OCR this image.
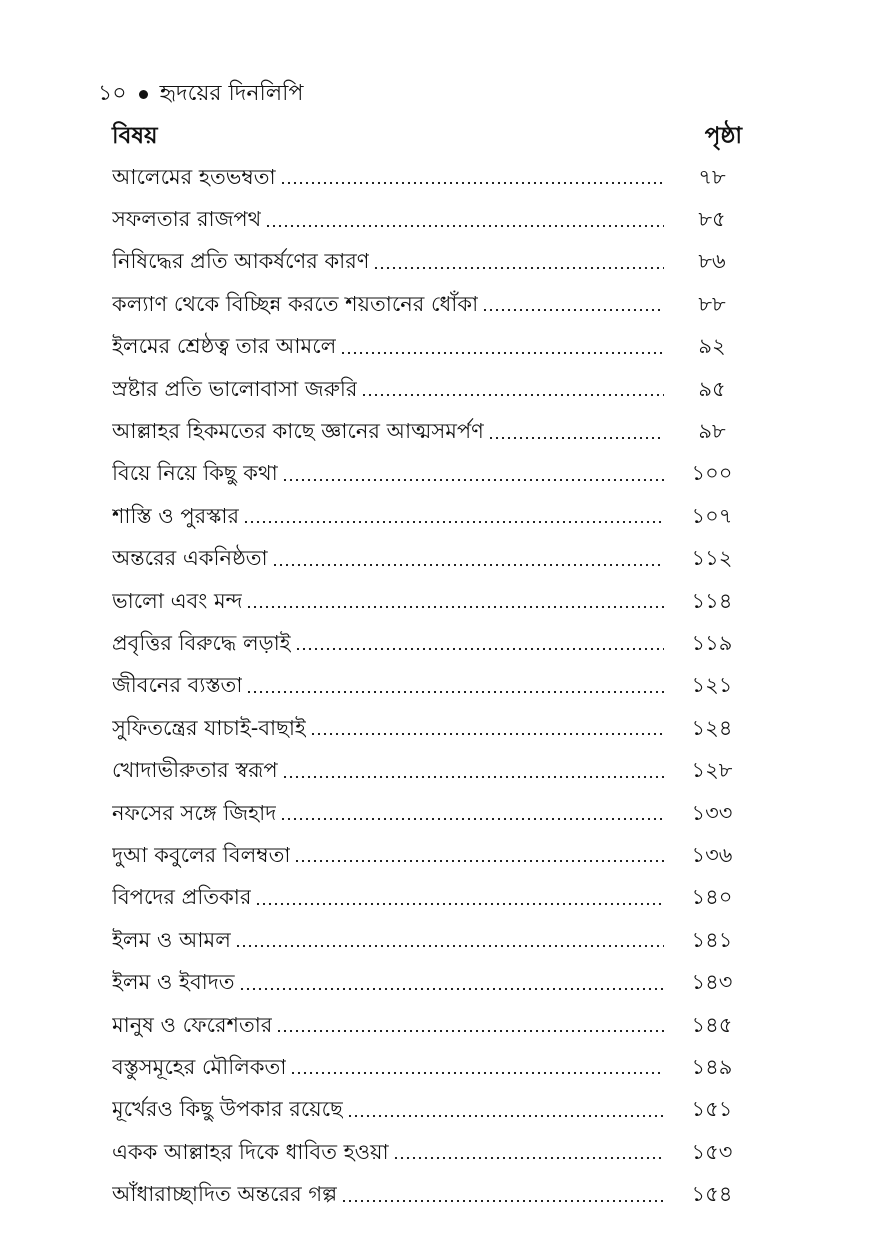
১০ হৃদয়ের দিনলিপি
বিষয়	পৃষ্ঠা
আলেমের হতভম্বতা	৭৮
সফলতার রাজপথ	৮৫
নিষিদ্ধের প্রতি আকর্ষণের কারণ	৮৬
কল্যাণ থেকে বিচ্ছিন্ন করতে শয়তানের ধোঁকা	৮৮
ইলমের শ্রেষ্ঠত্ব তার আমলে	৯২
স্রষ্টার প্রতি ভালোবাসা জরুরি	৯৫
আল্লাহর হিকমতের কাছে জ্ঞানের আত্মসমর্পণ	৯৮
বিয়ে নিয়ে কিছু কথা	১০০
শাস্তি ও পুরস্কার	১০৭
অন্তরের একনিষ্ঠতা	১১২
ভালো এবং মন্দ	১১৪
প্রবৃত্তির বিরুদ্ধে লড়াই	১১৯
জীবনের ব্যস্ততা	১২১
সুফিতন্ত্রের যাচাই-বাছাই	১২৪
খোদাভীরুতার স্বরূপ	১২৮
নফসের সঙ্গে জিহাদ	১৩৩
দুআ কবুলের বিলম্বতা	১৩৬
বিপদের প্রতিকার	১৪০
ইলম ও আমল	১৪১
ইলম ও ইবাদত	১৪৩
মানুষ ও ফেরেশতার	১৪৫
বস্তুসমূহের মৌলিকতা	১৪৯
মূর্খেরও কিছু উপকার রয়েছে	১৫১
একক আল্লাহর দিকে ধাবিত হওয়া	১৫৩
আঁধারাচ্ছাদিত অন্তরের গল্প	১৫৪
